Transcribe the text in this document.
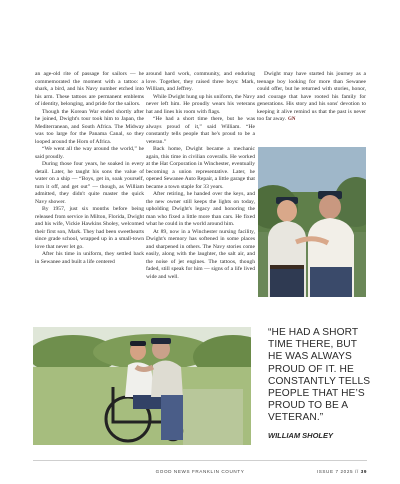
an age-old rite of passage for sailors — he commemorated the moment with a tattoo: a shark, a bird, and his Navy number etched into his arm. These tattoos are permanent emblems of identity, belonging, and pride for the sailors.

Though the Korean War ended shortly after he joined, Dwight's tour took him to Japan, the Mediterranean, and South Africa. The Midway was too large for the Panama Canal, so they looped around the Horn of Africa.

“We went all the way around the world,” he said proudly.

During those four years, he soaked in every detail. Later, he taught his sons the value of water on a ship — “Boys, get in, soak yourself, turn it off, and get out” — though, as William admitted, they didn't quite master the quick Navy shower.

By 1957, just six months before being released from service in Milton, Florida, Dwight and his wife, Vickie Hawkins Sholey, welcomed their first son, Mark. They had been sweethearts since grade school, wrapped up in a small-town love that never let go.

After his time in uniform, they settled back in Sewanee and built a life centered

around hard work, community, and enduring love. Together, they raised three boys: Mark, William, and Jeffrey.

While Dwight hung up his uniform, the Navy never left him. He proudly wears his veterans hat and lines his room with flags.

“He had a short time there, but he was always proud of it,” said William. “He constantly tells people that he's proud to be a veteran.”

Back home, Dwight became a mechanic again, this time in civilian coveralls. He worked at the Hat Corporation in Winchester, eventually becoming a union representative. Later, he opened Sewanee Auto Repair, a little garage that became a town staple for 33 years.

After retiring, he handed over the keys, and the new owner still keeps the lights on today, upholding Dwight's legacy and honoring the man who fixed a little more than cars. He fixed what he could in the world around him.

At 89, now in a Winchester nursing facility, Dwight's memory has softened in some places and sharpened in others. The Navy stories come easily, along with the laughter, the salt air, and the noise of jet engines. The tattoos, though faded, still speak for him — signs of a life lived wide and well.

Dwight may have started his journey as a teenage boy looking for more than Sewanee could offer, but he returned with stories, honor, and courage that have rooted his family for generations. His story and his sons' devotion to keeping it alive remind us that the past is never too far away. GN

“HE HAD A SHORT TIME THERE, BUT HE WAS ALWAYS PROUD OF IT. HE CONSTANTLY TELLS PEOPLE THAT HE’S PROUD TO BE A VETERAN.”
WILLIAM SHOLEY
GOOD NEWS FRANKLIN COUNTY	ISSUE 7 2025 // 39
